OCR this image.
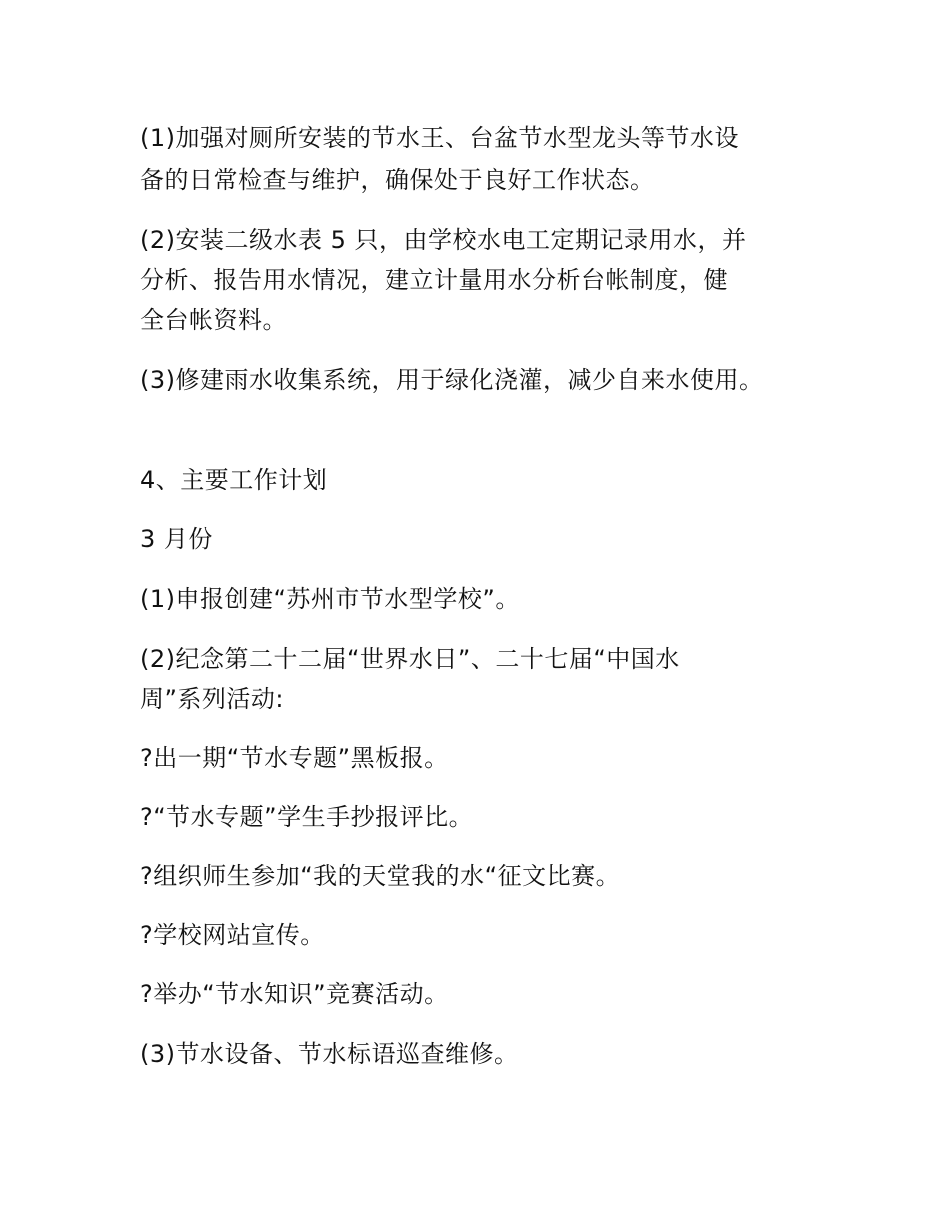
(1)加强对厕所安装的节水王、台盆节水型龙头等节水设
备的日常检查与维护，确保处于良好工作状态。
(2)安装二级水表 5 只，由学校水电工定期记录用水，并
分析、报告用水情况，建立计量用水分析台帐制度，健
全台帐资料。
(3)修建雨水收集系统，用于绿化浇灌，减少自来水使用。
4、主要工作计划
3 月份
(1)申报创建“苏州市节水型学校”。
(2)纪念第二十二届“世界水日”、二十七届“中国水
周”系列活动:
?出一期“节水专题”黑板报。
?“节水专题”学生手抄报评比。
?组织师生参加“我的天堂我的水“征文比赛。
?学校网站宣传。
?举办“节水知识”竞赛活动。
(3)节水设备、节水标语巡查维修。
